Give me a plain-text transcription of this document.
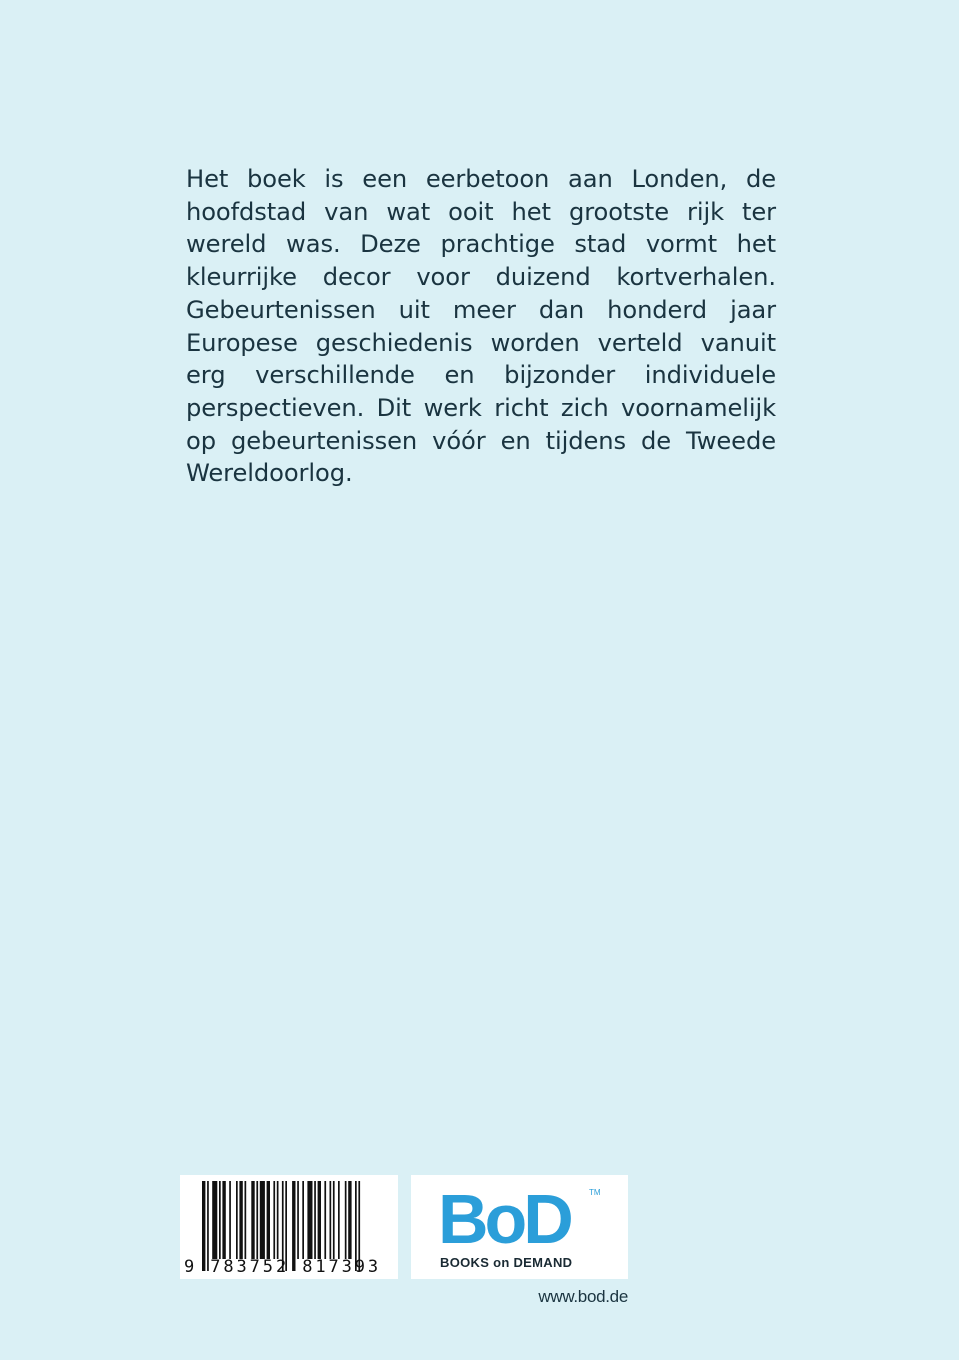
Het boek is een eerbetoon aan Londen, de hoofdstad van wat ooit het grootste rijk ter wereld was. Deze prachtige stad vormt het kleurrijke decor voor duizend kortverhalen. Gebeurtenissen uit meer dan honderd jaar Europese geschiedenis worden verteld vanuit erg verschillende en bijzonder individuele perspectieven. Dit werk richt zich voornamelijk op gebeurtenissen vóór en tijdens de Tweede Wereldoorlog.

9 783752 817393
BoD TM
BOOKS on DEMAND
www.bod.de
